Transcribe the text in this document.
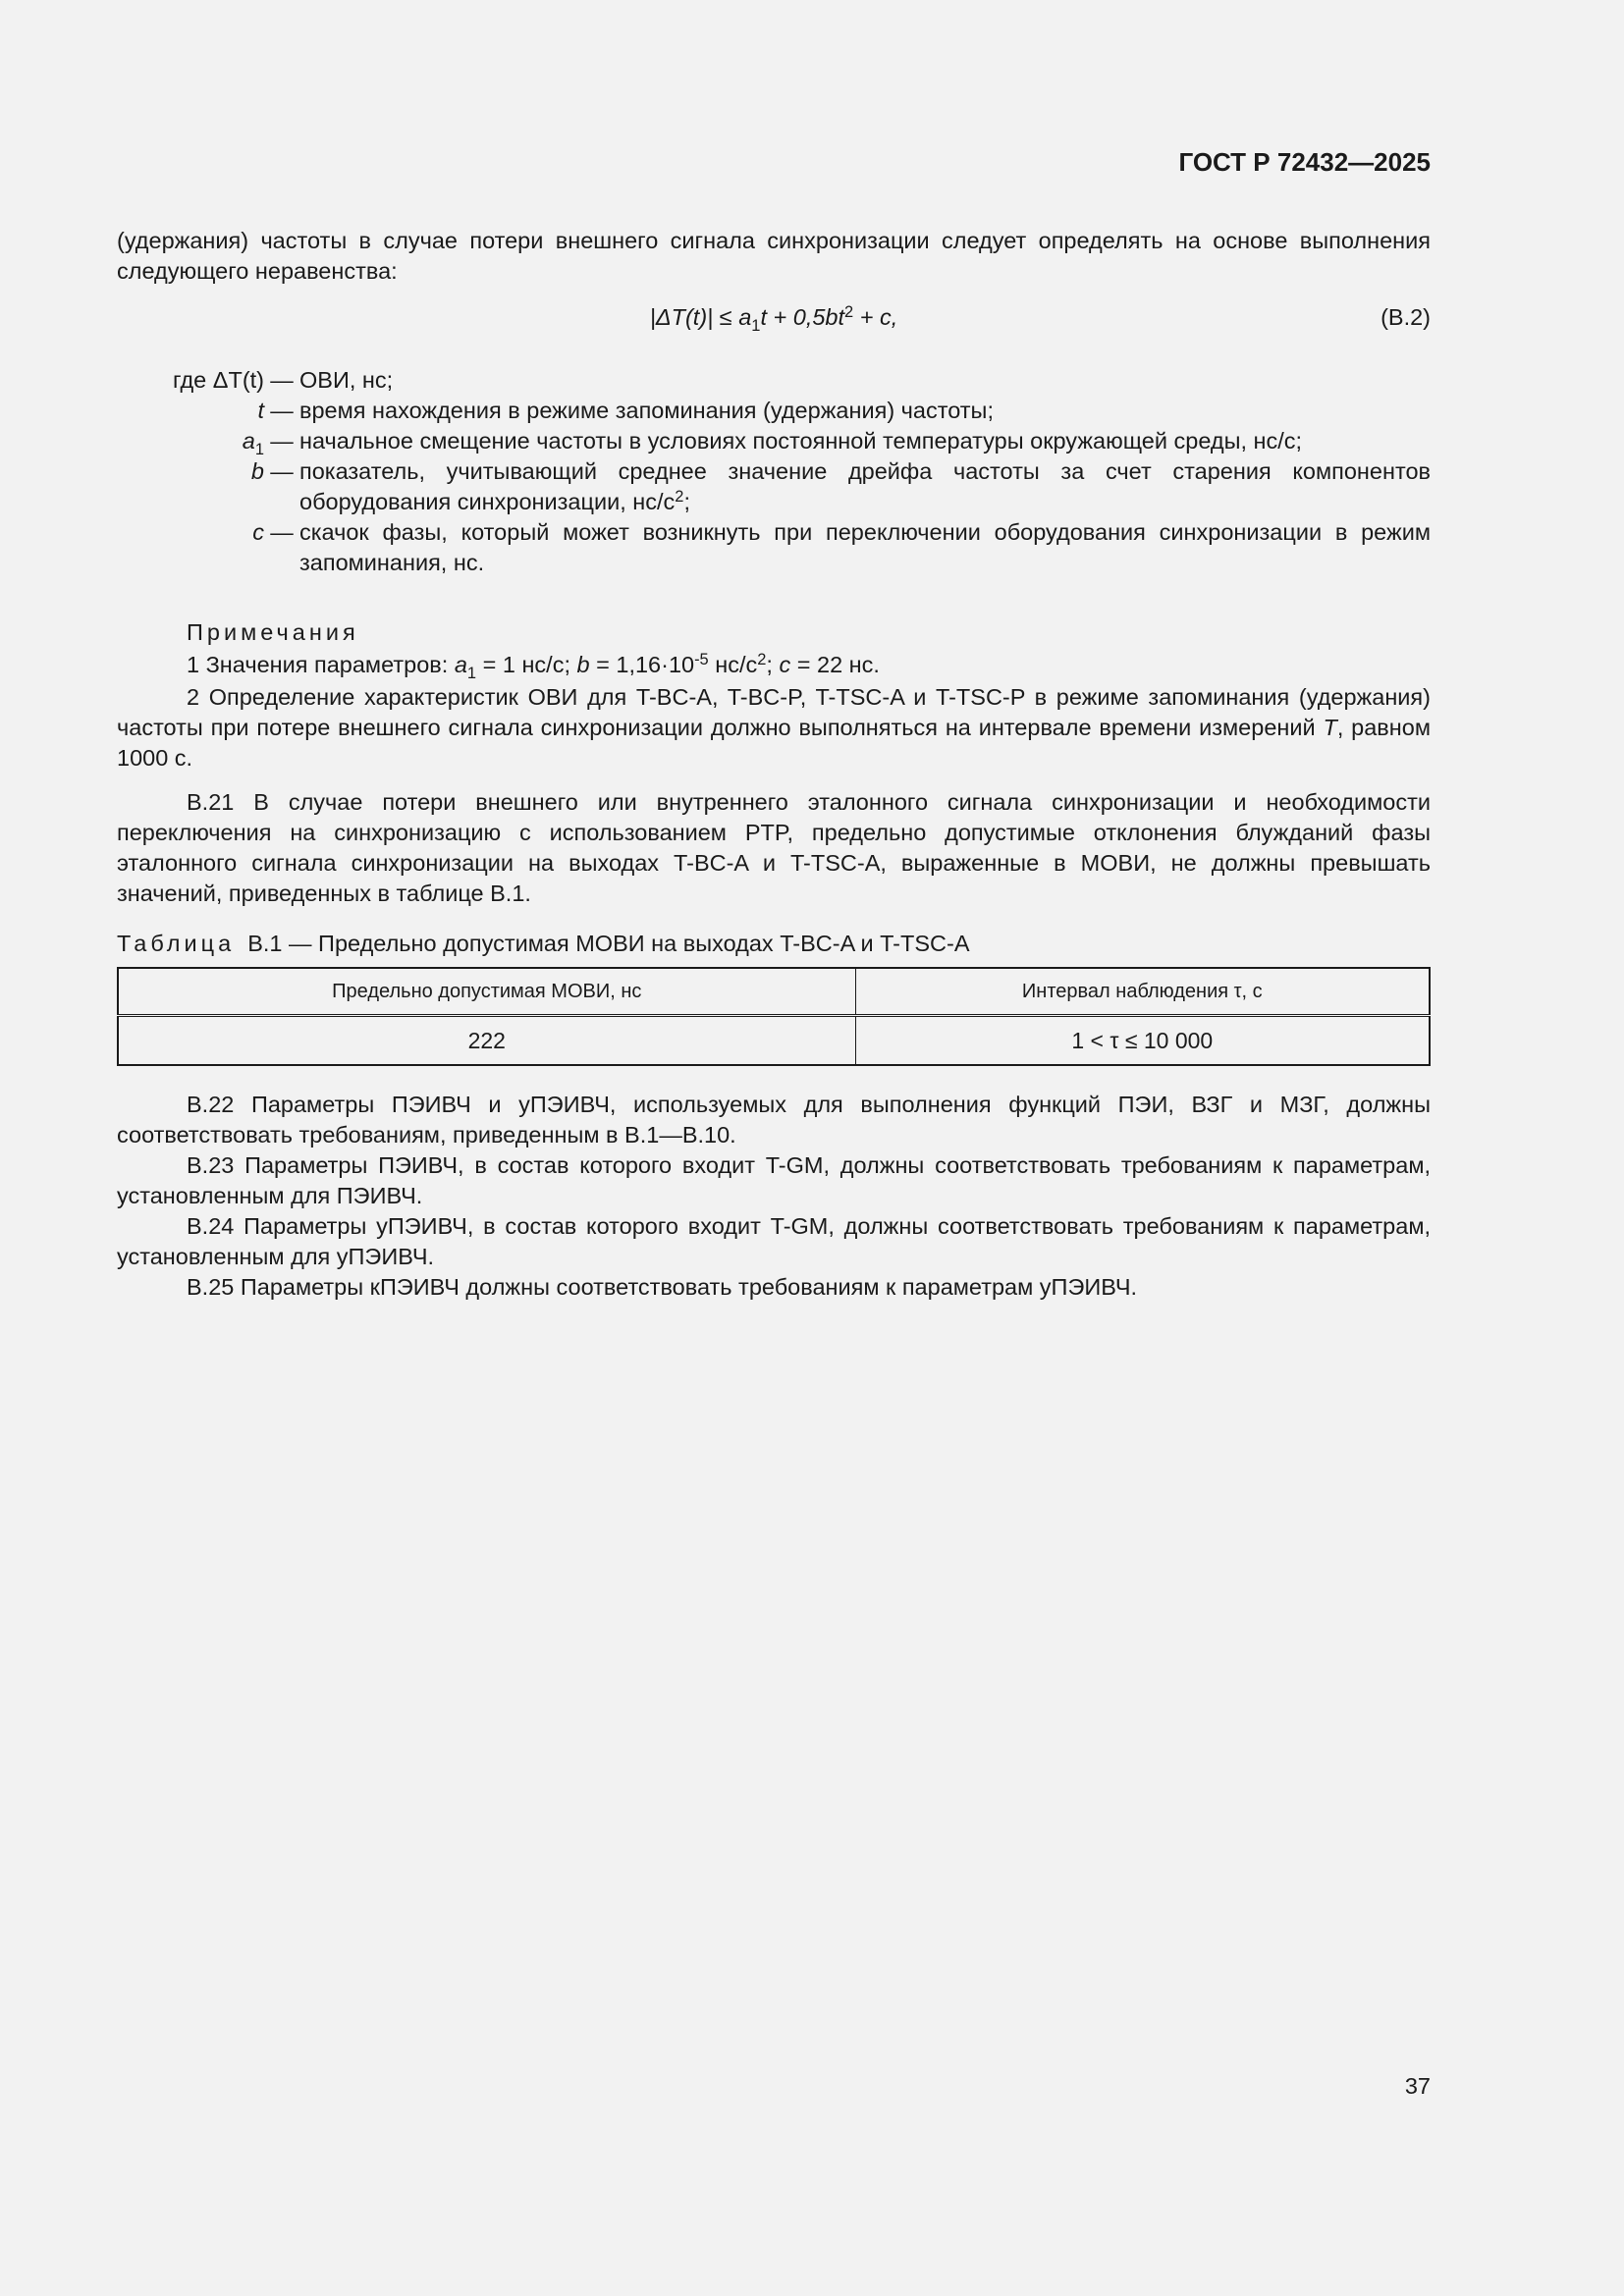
ГОСТ Р 72432—2025

(удержания) частоты в случае потери внешнего сигнала синхронизации следует определять на основе выполнения следующего неравенства:

$|\Delta T(t)| \le a_1t + 0,5bt^2 + c$,	(B.2)
где ΔT(t) — ОВИ, нс;
t — время нахождения в режиме запоминания (удержания) частоты;
$a_1$ — начальное смещение частоты в условиях постоянной температуры окружающей среды, нс/с;
b — показатель, учитывающий среднее значение дрейфа частоты за счет старения компонентов оборудования синхронизации, $нс/с^2$;
c — скачок фазы, который может возникнуть при переключении оборудования синхронизации в режим запоминания, нс.
Примечания

1 Значения параметров: $a_1 = 1$ нс/с; $b = 1,16\cdot 10^{-5}$ $нс/с^2$; c = 22 нс.

2 Определение характеристик ОВИ для T-BC-A, T-BC-P, T-TSC-A и T-TSC-P в режиме запоминания (удержания) частоты при потере внешнего сигнала синхронизации должно выполняться на интервале времени измерений T, равном 1000 с.

В.21 В случае потери внешнего или внутреннего эталонного сигнала синхронизации и необходимости переключения на синхронизацию с использованием PTP, предельно допустимые отклонения блужданий фазы эталонного сигнала синхронизации на выходах T-BC-A и T-TSC-A, выраженные в МОВИ, не должны превышать значений, приведенных в таблице В.1.

Таблица В.1 — Предельно допустимая МОВИ на выходах T-BC-A и T-TSC-A
Предельно допустимая МОВИ, нс	Интервал наблюдения τ, с
222	1 < τ ≤ 10 000

В.22 Параметры ПЭИВЧ и уПЭИВЧ, используемых для выполнения функций ПЭИ, ВЗГ и МЗГ, должны соответствовать требованиям, приведенным в В.1—В.10.

В.23 Параметры ПЭИВЧ, в состав которого входит T-GM, должны соответствовать требованиям к параметрам, установленным для ПЭИВЧ.

В.24 Параметры уПЭИВЧ, в состав которого входит T-GM, должны соответствовать требованиям к параметрам, установленным для уПЭИВЧ.

В.25 Параметры кПЭИВЧ должны соответствовать требованиям к параметрам уПЭИВЧ.

37
